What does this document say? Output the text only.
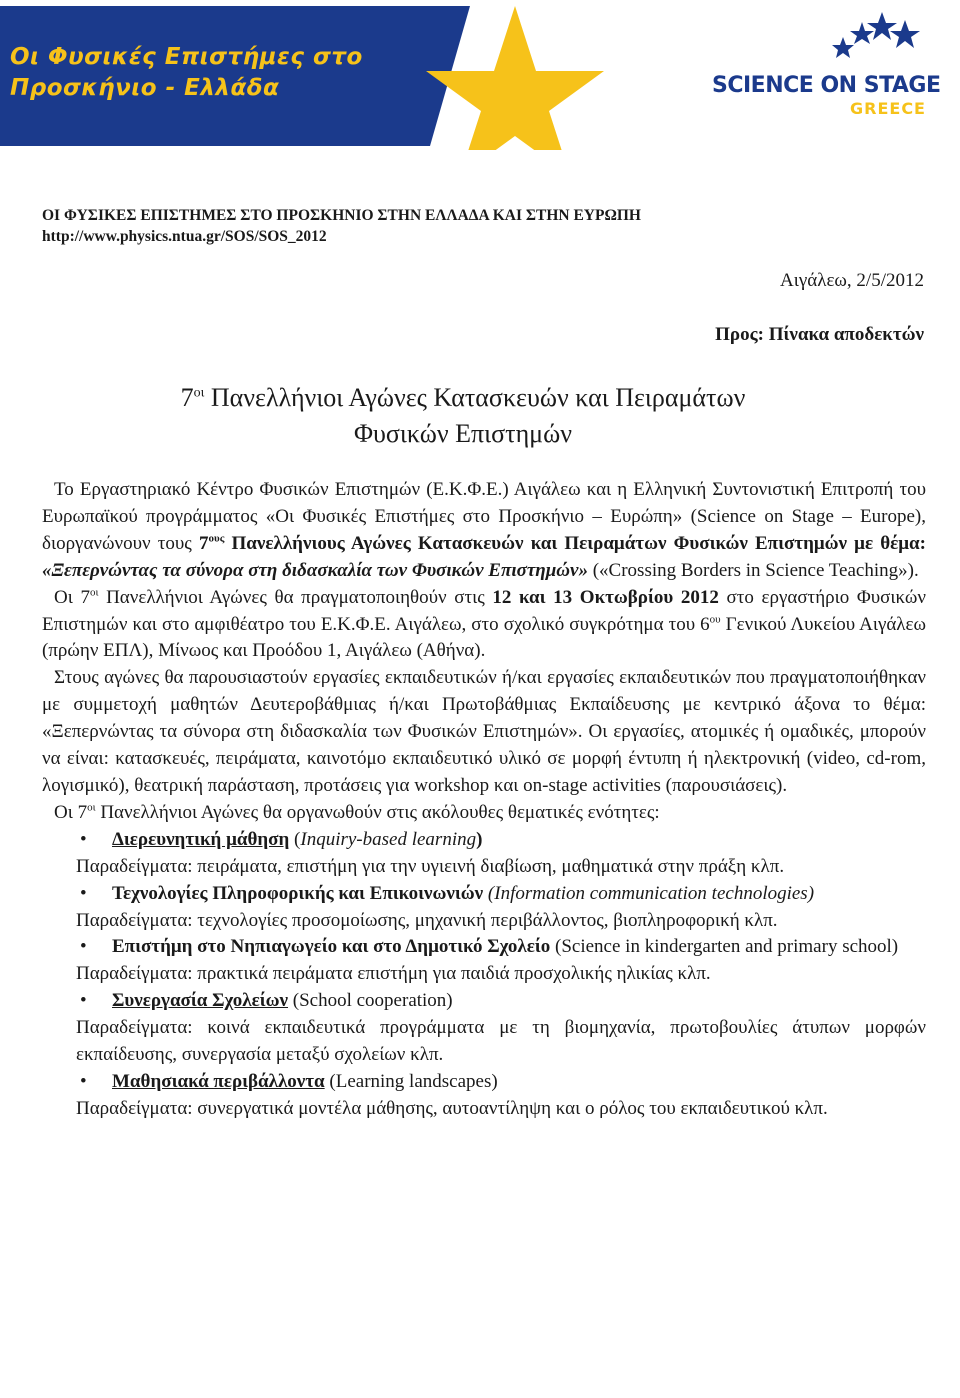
Οι Φυσικές Επιστήμες στο
Προσκήνιο - Ελλάδα	SCIENCE ON STAGE
GREECE
ΟΙ ΦΥΣΙΚΕΣ ΕΠΙΣΤΗΜΕΣ ΣΤΟ ΠΡΟΣΚΗΝΙΟ ΣΤΗΝ ΕΛΛΑΔΑ ΚΑΙ ΣΤΗΝ ΕΥΡΩΠΗ
http://www.physics.ntua.gr/SOS/SOS_2012
Αιγάλεω, 2/5/2012
Προς: Πίνακα αποδεκτών
$7^{o\iota}$ Πανελλήνιοι Αγώνες Κατασκευών και Πειραμάτων
Φυσικών Επιστημών

Το Εργαστηριακό Κέντρο Φυσικών Επιστημών (Ε.Κ.Φ.Ε.) Αιγάλεω και η Ελληνική Συντονιστική Επιτροπή του Ευρωπαϊκού προγράμματος «Οι Φυσικές Επιστήμες στο Προσκήνιο – Ευρώπη» (Science on Stage – Europe), διοργανώνουν τους $7^{o\upsilon\varsigma}$ Πανελλήνιους Αγώνες Κατασκευών και Πειραμάτων Φυσικών Επιστημών με θέμα: «Ξεπερνώντας τα σύνορα στη διδασκαλία των Φυσικών Επιστημών» («Crossing Borders in Science Teaching»).

Οι $7^{o\iota}$ Πανελλήνιοι Αγώνες θα πραγματοποιηθούν στις 12 και 13 Οκτωβρίου 2012 στο εργαστήριο Φυσικών Επιστημών και στο αμφιθέατρο του Ε.Κ.Φ.Ε. Αιγάλεω, στο σχολικό συγκρότημα του $6^{o\upsilon}$ Γενικού Λυκείου Αιγάλεω (πρώην ΕΠΛ), Μίνωος και Προόδου 1, Αιγάλεω (Αθήνα).

Στους αγώνες θα παρουσιαστούν εργασίες εκπαιδευτικών ή/και εργασίες εκπαιδευτικών που πραγματοποιήθηκαν με συμμετοχή μαθητών Δευτεροβάθμιας ή/και Πρωτοβάθμιας Εκπαίδευσης με κεντρικό άξονα το θέμα: «Ξεπερνώντας τα σύνορα στη διδασκαλία των Φυσικών Επιστημών». Οι εργασίες, ατομικές ή ομαδικές, μπορούν να είναι: κατασκευές, πειράματα, καινοτόμο εκπαιδευτικό υλικό σε μορφή έντυπη ή ηλεκτρονική (video, cd-rom, λογισμικό), θεατρική παράσταση, προτάσεις για workshop και on-stage activities (παρουσιάσεις).

Οι $7^{o\iota}$ Πανελλήνιοι Αγώνες θα οργανωθούν στις ακόλουθες θεματικές ενότητες:

• Διερευνητική μάθηση (Inquiry-based learning)

Παραδείγματα: πειράματα, επιστήμη για την υγιεινή διαβίωση, μαθηματικά στην πράξη κλπ.

• Τεχνολογίες Πληροφορικής και Επικοινωνιών (Information communication technologies)

Παραδείγματα: τεχνολογίες προσομοίωσης, μηχανική περιβάλλοντος, βιοπληροφορική κλπ.

• Επιστήμη στο Νηπιαγωγείο και στο Δημοτικό Σχολείο (Science in kindergarten and primary school)

Παραδείγματα: πρακτικά πειράματα επιστήμη για παιδιά προσχολικής ηλικίας κλπ.

• Συνεργασία Σχολείων (School cooperation)

Παραδείγματα: κοινά εκπαιδευτικά προγράμματα με τη βιομηχανία, πρωτοβουλίες άτυπων μορφών εκπαίδευσης, συνεργασία μεταξύ σχολείων κλπ.

• Μαθησιακά περιβάλλοντα (Learning landscapes)

Παραδείγματα: συνεργατικά μοντέλα μάθησης, αυτοαντίληψη και ο ρόλος του εκπαιδευτικού κλπ.
